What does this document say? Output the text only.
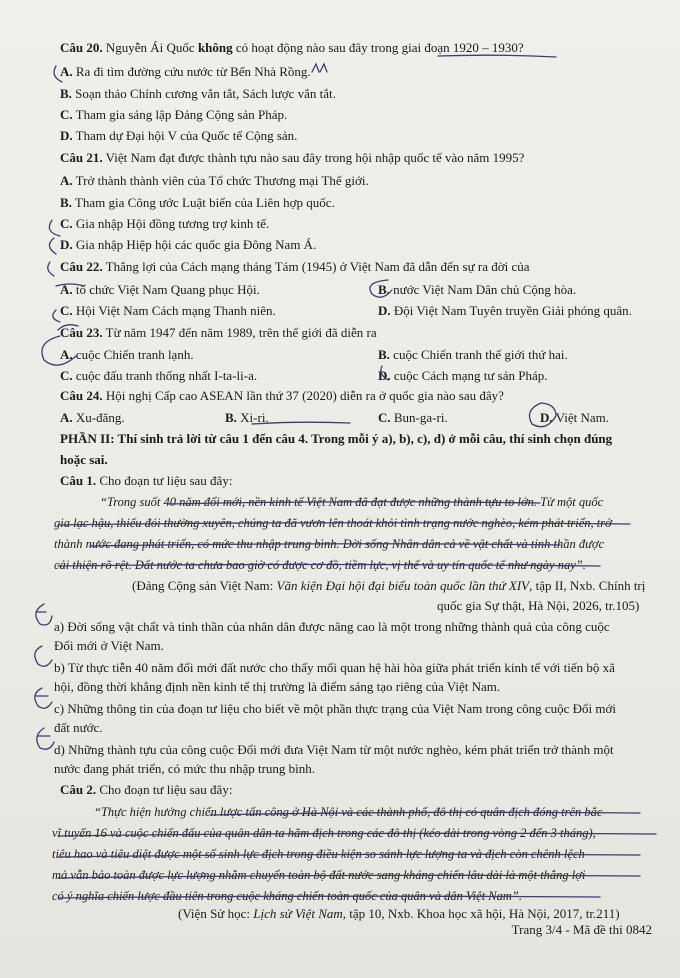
Câu 20. Nguyễn Ái Quốc không có hoạt động nào sau đây trong giai đoạn 1920 – 1930?
A. Ra đi tìm đường cứu nước từ Bến Nhà Rồng.
B. Soạn thảo Chính cương vắn tắt, Sách lược vắn tắt.
C. Tham gia sáng lập Đảng Cộng sản Pháp.
D. Tham dự Đại hội V của Quốc tế Cộng sản.
Câu 21. Việt Nam đạt được thành tựu nào sau đây trong hội nhập quốc tế vào năm 1995?
A. Trở thành thành viên của Tổ chức Thương mại Thế giới.
B. Tham gia Công ước Luật biển của Liên hợp quốc.
C. Gia nhập Hội đồng tương trợ kinh tế.
D. Gia nhập Hiệp hội các quốc gia Đông Nam Á.
Câu 22. Thắng lợi của Cách mạng tháng Tám (1945) ở Việt Nam đã dẫn đến sự ra đời của
A. tổ chức Việt Nam Quang phục Hội.	B. nước Việt Nam Dân chủ Cộng hòa.
C. Hội Việt Nam Cách mạng Thanh niên.	D. Đội Việt Nam Tuyên truyền Giải phóng quân.
Câu 23. Từ năm 1947 đến năm 1989, trên thế giới đã diễn ra
A. cuộc Chiến tranh lạnh.	B. cuộc Chiến tranh thế giới thứ hai.
C. cuộc đấu tranh thống nhất I-ta-li-a.	D. cuộc Cách mạng tư sản Pháp.
Câu 24. Hội nghị Cấp cao ASEAN lần thứ 37 (2020) diễn ra ở quốc gia nào sau đây?
A. Xu-đăng.	B. Xi-ri.	C. Bun-ga-ri.	D. Việt Nam.
PHẦN II: Thí sinh trả lời từ câu 1 đến câu 4. Trong mỗi ý a), b), c), d) ở mỗi câu, thí sinh chọn đúng
hoặc sai.
Câu 1. Cho đoạn tư liệu sau đây:
“Trong suốt 40 năm đổi mới, nền kinh tế Việt Nam đã đạt được những thành tựu to lớn. Từ một quốc
gia lạc hậu, thiếu đói thường xuyên, chúng ta đã vươn lên thoát khỏi tình trạng nước nghèo, kém phát triển, trở
thành nước đang phát triển, có mức thu nhập trung bình. Đời sống Nhân dân cả về vật chất và tinh thần được
cải thiện rõ rệt. Đất nước ta chưa bao giờ có được cơ đồ, tiềm lực, vị thế và uy tín quốc tế như ngày nay”.
(Đảng Cộng sản Việt Nam: Văn kiện Đại hội đại biểu toàn quốc lần thứ XIV, tập II, Nxb. Chính trị
quốc gia Sự thật, Hà Nội, 2026, tr.105)
a) Đời sống vật chất và tinh thần của nhân dân được nâng cao là một trong những thành quả của công cuộc
Đổi mới ở Việt Nam.
b) Từ thực tiễn 40 năm đổi mới đất nước cho thấy mối quan hệ hài hòa giữa phát triển kinh tế với tiến bộ xã
hội, đồng thời khẳng định nền kinh tế thị trường là điểm sáng tạo riêng của Việt Nam.
c) Những thông tin của đoạn tư liệu cho biết về một phần thực trạng của Việt Nam trong công cuộc Đổi mới
đất nước.
d) Những thành tựu của công cuộc Đổi mới đưa Việt Nam từ một nước nghèo, kém phát triển trở thành một
nước đang phát triển, có mức thu nhập trung bình.
Câu 2. Cho đoạn tư liệu sau đây:
“Thực hiện hướng chiến lược tấn công ở Hà Nội và các thành phố, đô thị có quân địch đóng trên bắc
vĩ tuyến 16 và cuộc chiến đấu của quân dân ta hãm địch trong các đô thị (kéo dài trong vòng 2 đến 3 tháng),
tiêu hao và tiêu diệt được một số sinh lực địch trong điều kiện so sánh lực lượng ta và địch còn chênh lệch
mà vẫn bảo toàn được lực lượng nhằm chuyển toàn bộ đất nước sang kháng chiến lâu dài là một thắng lợi
có ý nghĩa chiến lược đầu tiên trong cuộc kháng chiến toàn quốc của quân và dân Việt Nam”.
(Viện Sử học: Lịch sử Việt Nam, tập 10, Nxb. Khoa học xã hội, Hà Nội, 2017, tr.211)
Trang 3/4 - Mã đề thi 0842
